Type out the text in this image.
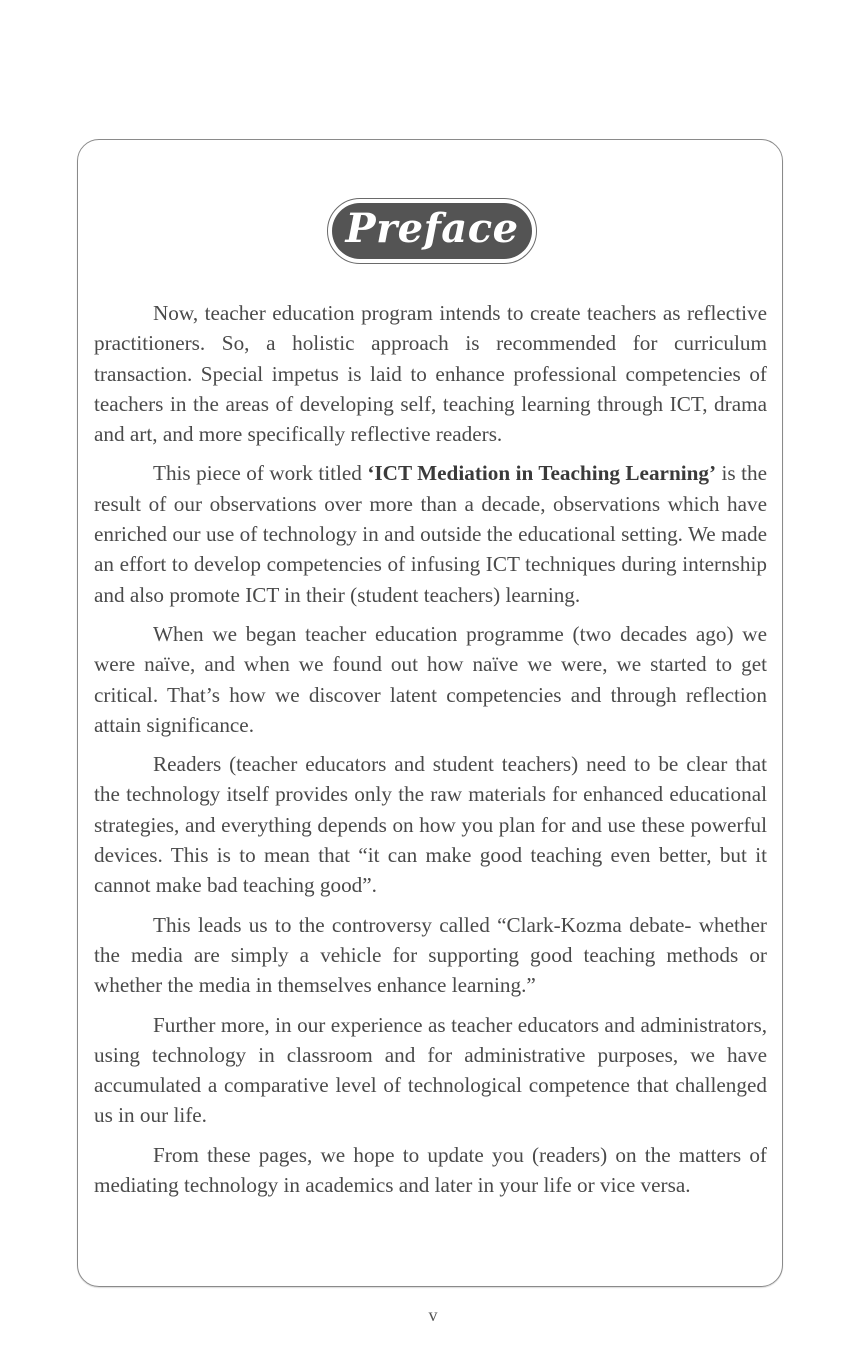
Preface

Now, teacher education program intends to create teachers as reflective practitioners. So, a holistic approach is recommended for curriculum transaction. Special impetus is laid to enhance professional competencies of teachers in the areas of developing self, teaching learning through ICT, drama and art, and more specifically reflective readers.

This piece of work titled ‘ICT Mediation in Teaching Learning’ is the result of our observations over more than a decade, observations which have enriched our use of technology in and outside the educational setting. We made an effort to develop competencies of infusing ICT techniques during internship and also promote ICT in their (student teachers) learning.

When we began teacher education programme (two decades ago) we were naïve, and when we found out how naïve we were, we started to get critical. That’s how we discover latent competencies and through reflection attain significance.

Readers (teacher educators and student teachers) need to be clear that the technology itself provides only the raw materials for enhanced educational strategies, and everything depends on how you plan for and use these powerful devices. This is to mean that “it can make good teaching even better, but it cannot make bad teaching good”.

This leads us to the controversy called “Clark-Kozma debate- whether the media are simply a vehicle for supporting good teaching methods or whether the media in themselves enhance learning.”

Further more, in our experience as teacher educators and administrators, using technology in classroom and for administrative purposes, we have accumulated a comparative level of technological competence that challenged us in our life.

From these pages, we hope to update you (readers) on the matters of mediating technology in academics and later in your life or vice versa.

v
